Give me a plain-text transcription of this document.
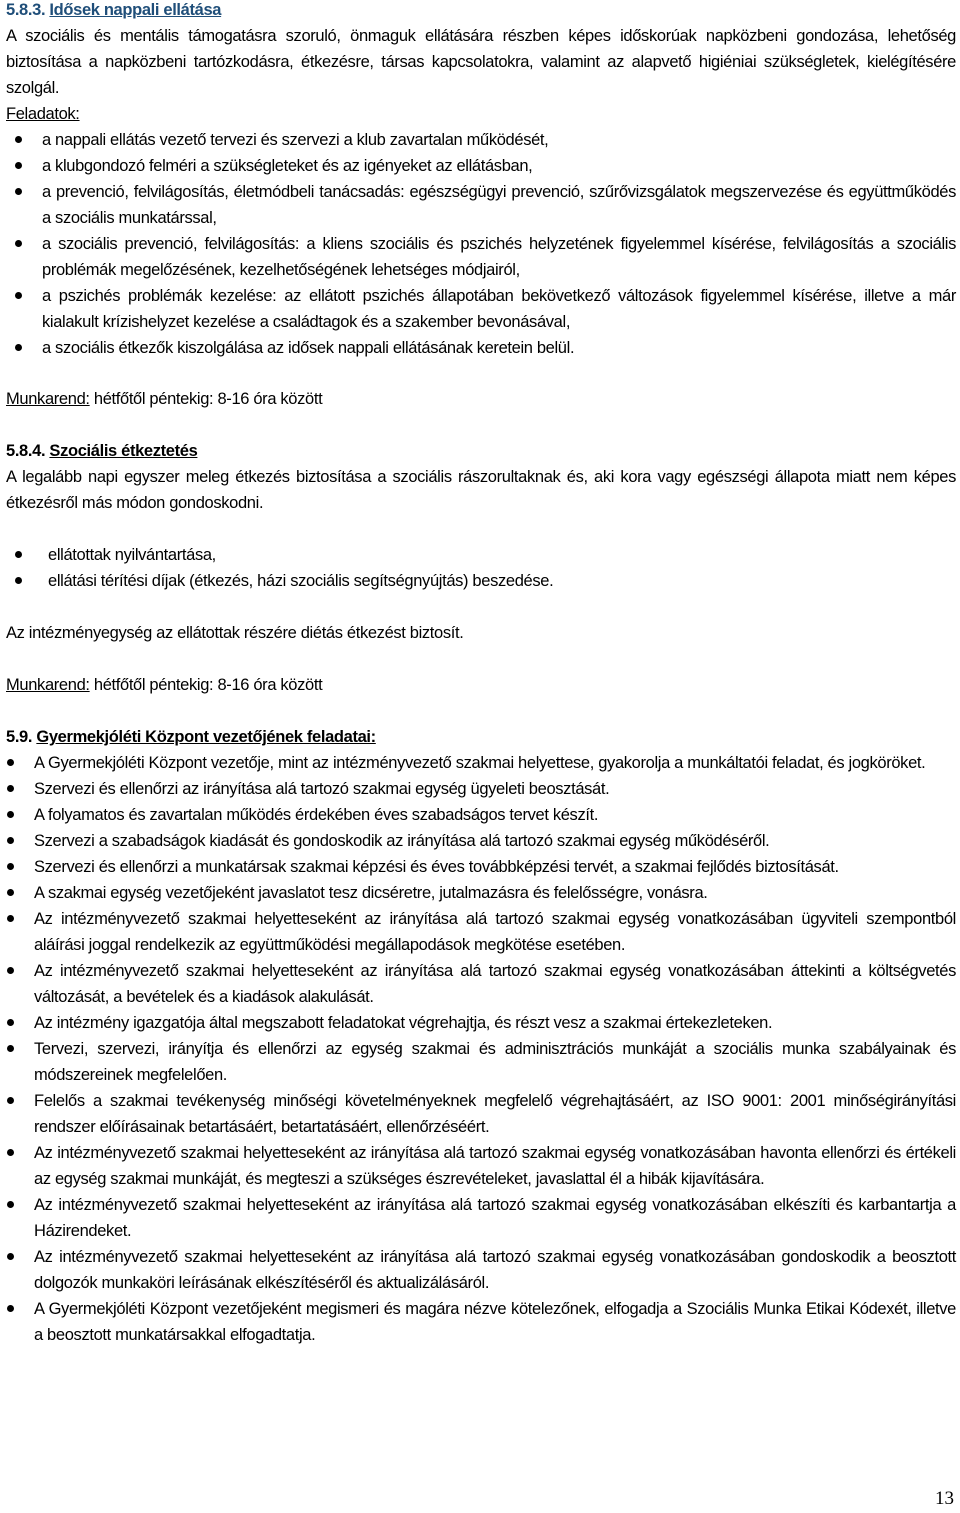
5.8.3. Idősek nappali ellátása

A szociális és mentális támogatásra szoruló, önmaguk ellátására részben képes időskorúak napközbeni gondozása, lehetőség biztosítása a napközbeni tartózkodásra, étkezésre, társas kapcsolatokra, valamint az alapvető higiéniai szükségletek, kielégítésére szolgál.

Feladatok:

a nappali ellátás vezető tervezi és szervezi a klub zavartalan működését,
a klubgondozó felméri a szükségleteket és az igényeket az ellátásban,
a prevenció, felvilágosítás, életmódbeli tanácsadás: egészségügyi prevenció, szűrővizsgálatok megszervezése és együttműködés a szociális munkatárssal,
a szociális prevenció, felvilágosítás: a kliens szociális és pszichés helyzetének figyelemmel kísérése, felvilágosítás a szociális problémák megelőzésének, kezelhetőségének lehetséges módjairól,
a pszichés problémák kezelése: az ellátott pszichés állapotában bekövetkező változások figyelemmel kísérése, illetve a már kialakult krízishelyzet kezelése a családtagok és a szakember bevonásával,
a szociális étkezők kiszolgálása az idősek nappali ellátásának keretein belül.

Munkarend: hétfőtől péntekig: 8-16 óra között

5.8.4. Szociális étkeztetés

A legalább napi egyszer meleg étkezés biztosítása a szociális rászorultaknak és, aki kora vagy egészségi állapota miatt nem képes étkezésről más módon gondoskodni.

ellátottak nyilvántartása,
ellátási térítési díjak (étkezés, házi szociális segítségnyújtás) beszedése.

Az intézményegység az ellátottak részére diétás étkezést biztosít.

Munkarend: hétfőtől péntekig: 8-16 óra között

5.9. Gyermekjóléti Központ vezetőjének feladatai:

A Gyermekjóléti Központ vezetője, mint az intézményvezető szakmai helyettese, gyakorolja a munkáltatói feladat, és jogköröket.
Szervezi és ellenőrzi az irányítása alá tartozó szakmai egység ügyeleti beosztását.
A folyamatos és zavartalan működés érdekében éves szabadságos tervet készít.
Szervezi a szabadságok kiadását és gondoskodik az irányítása alá tartozó szakmai egység működéséről.
Szervezi és ellenőrzi a munkatársak szakmai képzési és éves továbbképzési tervét, a szakmai fejlődés biztosítását.
A szakmai egység vezetőjeként javaslatot tesz dicséretre, jutalmazásra és felelősségre, vonásra.
Az intézményvezető szakmai helyetteseként az irányítása alá tartozó szakmai egység vonatkozásában ügyviteli szempontból aláírási joggal rendelkezik az együttműködési megállapodások megkötése esetében.
Az intézményvezető szakmai helyetteseként az irányítása alá tartozó szakmai egység vonatkozásában áttekinti a költségvetés változását, a bevételek és a kiadások alakulását.
Az intézmény igazgatója által megszabott feladatokat végrehajtja, és részt vesz a szakmai értekezleteken.
Tervezi, szervezi, irányítja és ellenőrzi az egység szakmai és adminisztrációs munkáját a szociális munka szabályainak és módszereinek megfelelően.
Felelős a szakmai tevékenység minőségi követelményeknek megfelelő végrehajtásáért, az ISO 9001: 2001 minőségirányítási rendszer előírásainak betartásáért, betartatásáért, ellenőrzéséért.
Az intézményvezető szakmai helyetteseként az irányítása alá tartozó szakmai egység vonatkozásában havonta ellenőrzi és értékeli az egység szakmai munkáját, és megteszi a szükséges észrevételeket, javaslattal él a hibák kijavítására.
Az intézményvezető szakmai helyetteseként az irányítása alá tartozó szakmai egység vonatkozásában elkészíti és karbantartja a Házirendeket.
Az intézményvezető szakmai helyetteseként az irányítása alá tartozó szakmai egység vonatkozásában gondoskodik a beosztott dolgozók munkaköri leírásának elkészítéséről és aktualizálásáról.
A Gyermekjóléti Központ vezetőjeként megismeri és magára nézve kötelezőnek, elfogadja a Szociális Munka Etikai Kódexét, illetve a beosztott munkatársakkal elfogadtatja.
13
